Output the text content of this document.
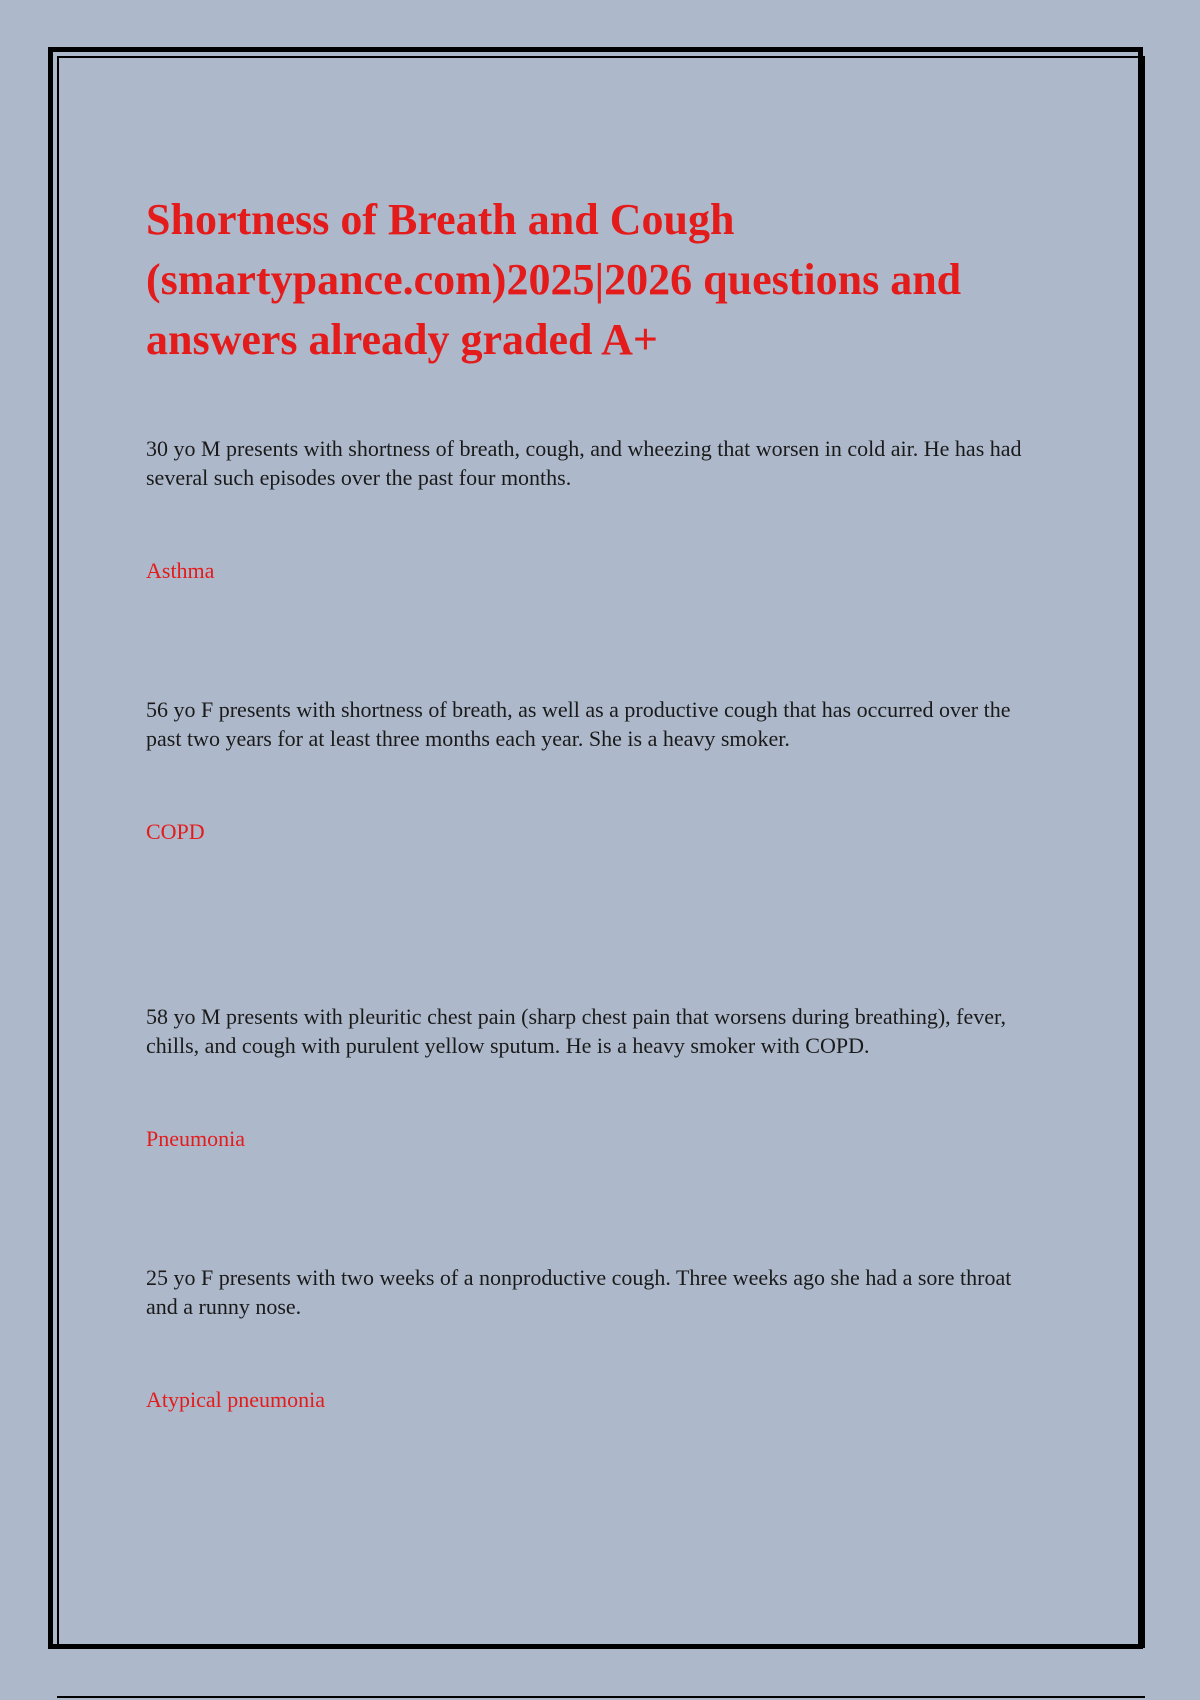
Shortness of Breath and Cough (smartypance.com)2025|2026 questions and answers already graded A+

30 yo M presents with shortness of breath, cough, and wheezing that worsen in cold air. He has had several such episodes over the past four months.

Asthma

56 yo F presents with shortness of breath, as well as a productive cough that has occurred over the past two years for at least three months each year. She is a heavy smoker.

COPD

58 yo M presents with pleuritic chest pain (sharp chest pain that worsens during breathing), fever, chills, and cough with purulent yellow sputum. He is a heavy smoker with COPD.

Pneumonia

25 yo F presents with two weeks of a nonproductive cough. Three weeks ago she had a sore throat and a runny nose.

Atypical pneumonia
